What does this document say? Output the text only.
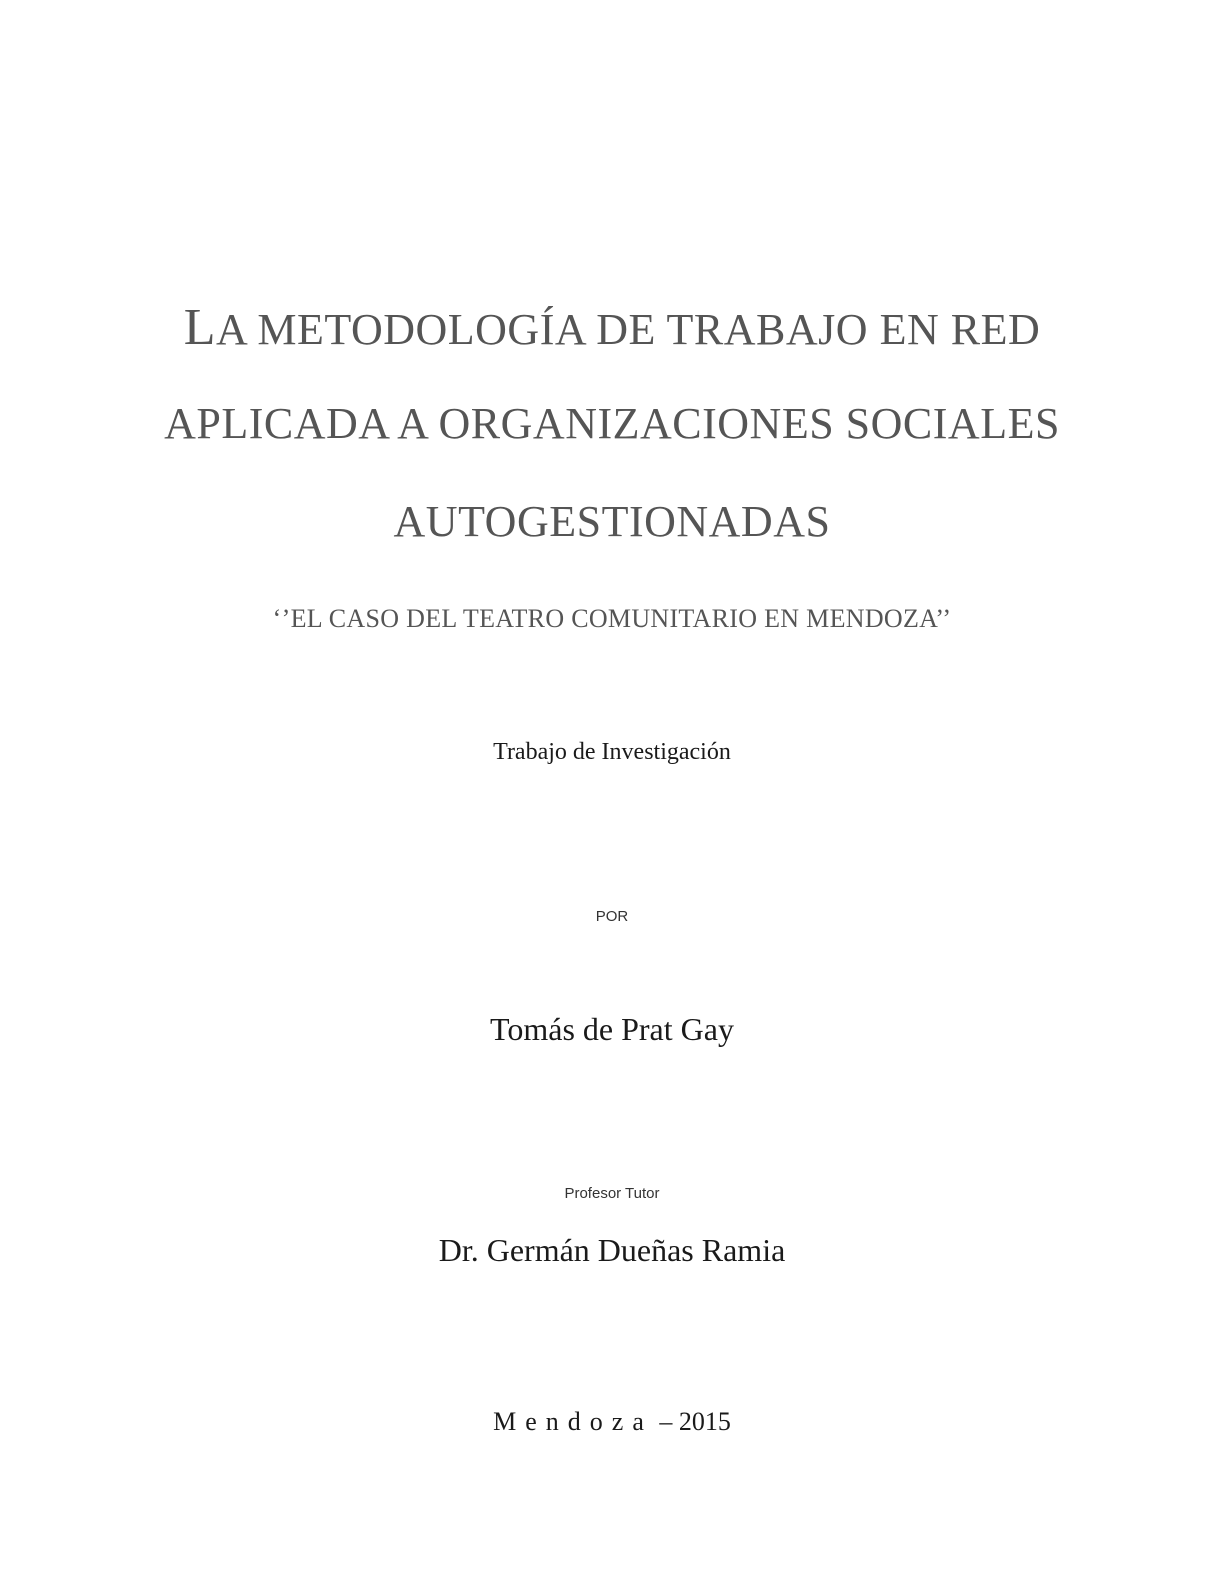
LA METODOLOGÍA DE TRABAJO EN RED
APLICADA A ORGANIZACIONES SOCIALES
AUTOGESTIONADAS
‘’EL CASO DEL TEATRO COMUNITARIO EN MENDOZA’’
Trabajo de Investigación
POR
Tomás de Prat Gay
Profesor Tutor
Dr. Germán Dueñas Ramia
Mendoza – 2015
